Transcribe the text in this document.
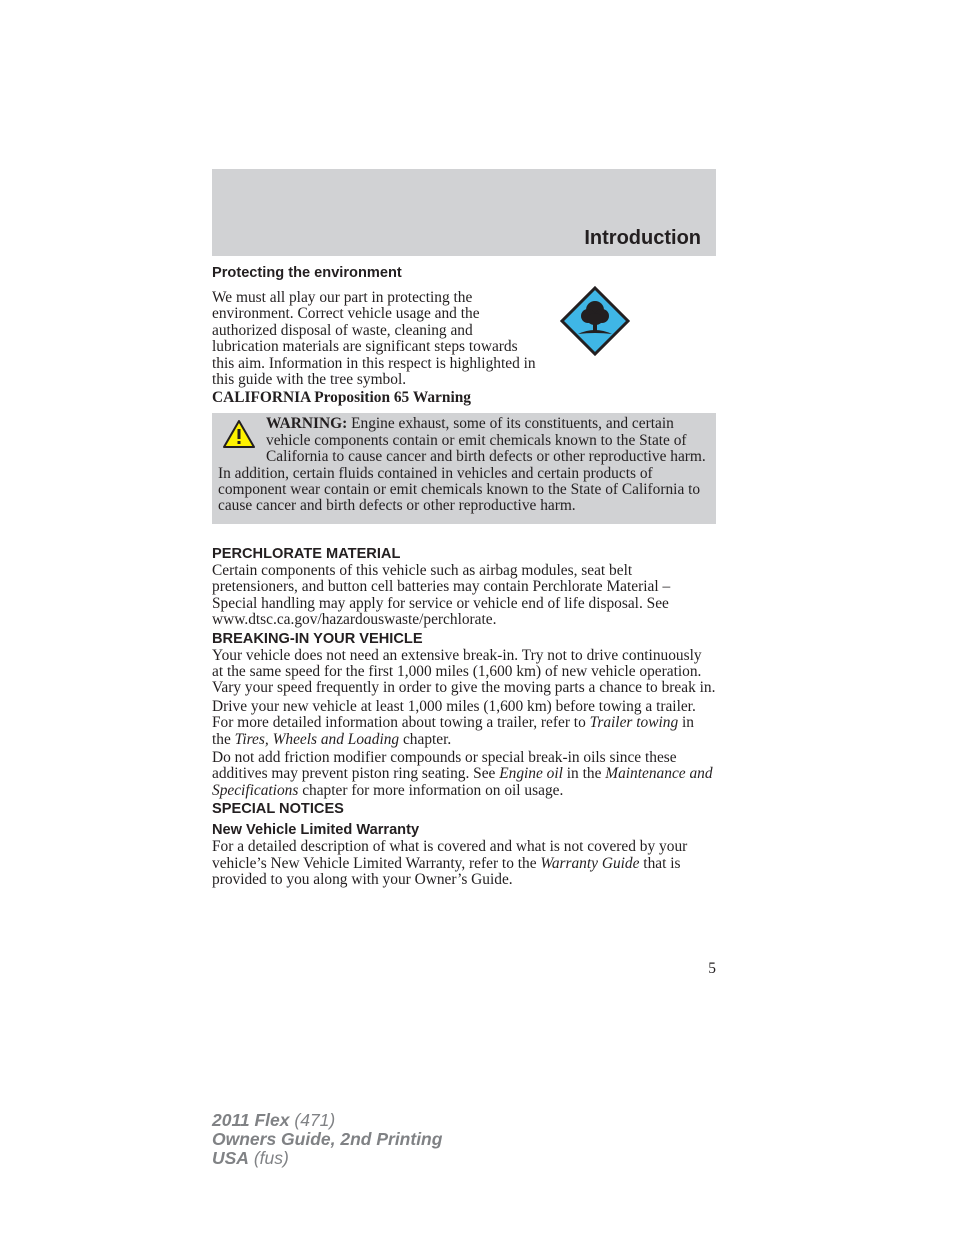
Introduction
Protecting the environment

We must all play our part in protecting the environment. Correct vehicle usage and the authorized disposal of waste, cleaning and lubrication materials are significant steps towards this aim. Information in this respect is highlighted in this guide with the tree symbol.

CALIFORNIA Proposition 65 Warning

WARNING: Engine exhaust, some of its constituents, and certain vehicle components contain or emit chemicals known to the State of California to cause cancer and birth defects or other reproductive harm. In addition, certain fluids contained in vehicles and certain products of component wear contain or emit chemicals known to the State of California to cause cancer and birth defects or other reproductive harm.

PERCHLORATE MATERIAL

Certain components of this vehicle such as airbag modules, seat belt pretensioners, and button cell batteries may contain Perchlorate Material – Special handling may apply for service or vehicle end of life disposal. See www.dtsc.ca.gov/hazardouswaste/perchlorate.

BREAKING-IN YOUR VEHICLE

Your vehicle does not need an extensive break-in. Try not to drive continuously at the same speed for the first 1,000 miles (1,600 km) of new vehicle operation. Vary your speed frequently in order to give the moving parts a chance to break in.

Drive your new vehicle at least 1,000 miles (1,600 km) before towing a trailer. For more detailed information about towing a trailer, refer to Trailer towing in the Tires, Wheels and Loading chapter.

Do not add friction modifier compounds or special break-in oils since these additives may prevent piston ring seating. See Engine oil in the Maintenance and Specifications chapter for more information on oil usage.

SPECIAL NOTICES
New Vehicle Limited Warranty

For a detailed description of what is covered and what is not covered by your vehicle’s New Vehicle Limited Warranty, refer to the Warranty Guide that is provided to you along with your Owner’s Guide.

5
2011 Flex (471)
Owners Guide, 2nd Printing
USA (fus)
